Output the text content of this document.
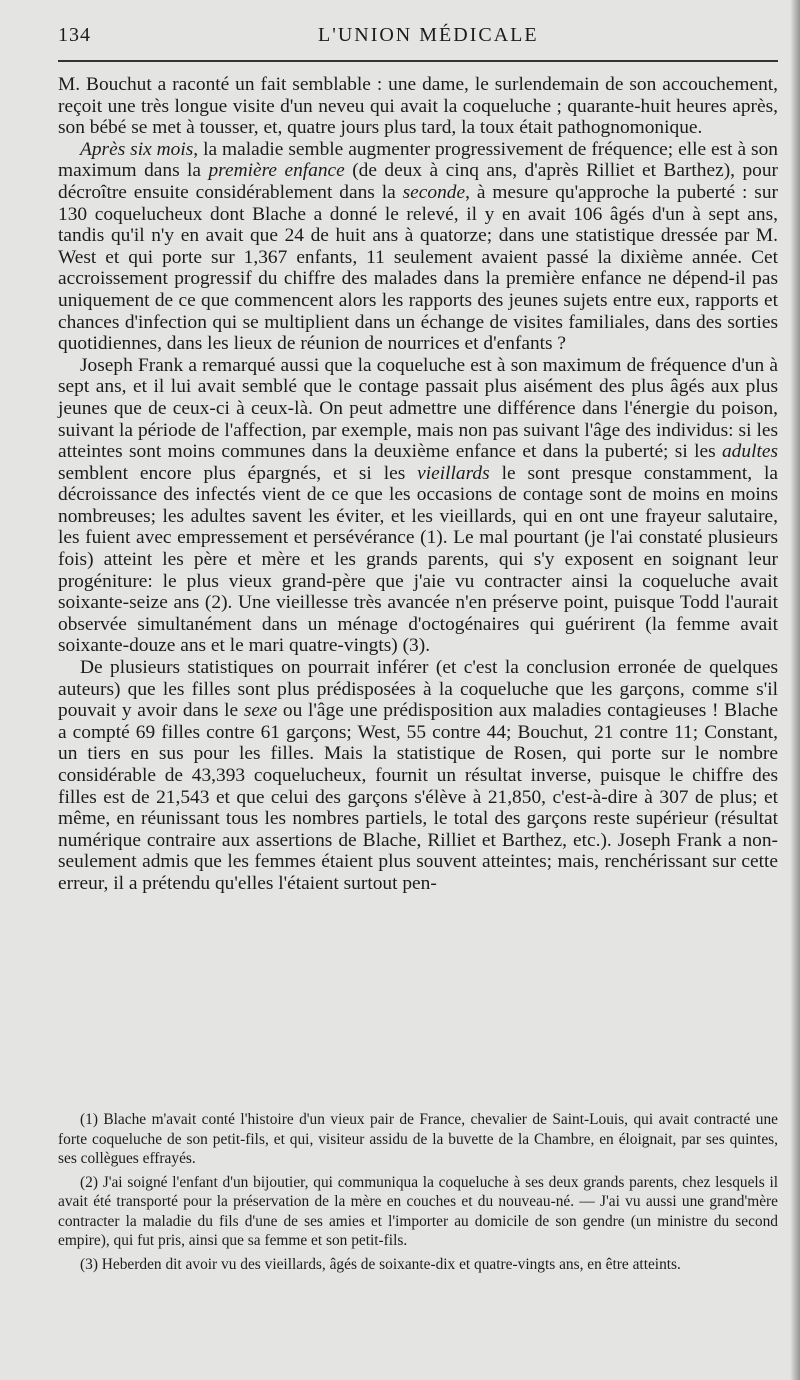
134	L'UNION MÉDICALE

M. Bouchut a raconté un fait semblable : une dame, le surlendemain de son accouchement, reçoit une très longue visite d'un neveu qui avait la coqueluche ; quarante-huit heures après, son bébé se met à tousser, et, quatre jours plus tard, la toux était pathognomonique.

Après six mois, la maladie semble augmenter progressivement de fréquence; elle est à son maximum dans la première enfance (de deux à cinq ans, d'après Rilliet et Barthez), pour décroître ensuite considérablement dans la seconde, à mesure qu'approche la puberté : sur 130 coquelucheux dont Blache a donné le relevé, il y en avait 106 âgés d'un à sept ans, tandis qu'il n'y en avait que 24 de huit ans à quatorze; dans une statistique dressée par M. West et qui porte sur 1,367 enfants, 11 seulement avaient passé la dixième année. Cet accroissement progressif du chiffre des malades dans la première enfance ne dépend-il pas uniquement de ce que commencent alors les rapports des jeunes sujets entre eux, rapports et chances d'infection qui se multiplient dans un échange de visites familiales, dans des sorties quotidiennes, dans les lieux de réunion de nourrices et d'enfants ?

Joseph Frank a remarqué aussi que la coqueluche est à son maximum de fréquence d'un à sept ans, et il lui avait semblé que le contage passait plus aisément des plus âgés aux plus jeunes que de ceux-ci à ceux-là. On peut admettre une différence dans l'énergie du poison, suivant la période de l'affection, par exemple, mais non pas suivant l'âge des individus: si les atteintes sont moins communes dans la deuxième enfance et dans la puberté; si les adultes semblent encore plus épargnés, et si les vieillards le sont presque constamment, la décroissance des infectés vient de ce que les occasions de contage sont de moins en moins nombreuses; les adultes savent les éviter, et les vieillards, qui en ont une frayeur salutaire, les fuient avec empressement et persévérance (1). Le mal pourtant (je l'ai constaté plusieurs fois) atteint les père et mère et les grands parents, qui s'y exposent en soignant leur progéniture: le plus vieux grand-père que j'aie vu contracter ainsi la coqueluche avait soixante-seize ans (2). Une vieillesse très avancée n'en préserve point, puisque Todd l'aurait observée simultanément dans un ménage d'octogénaires qui guérirent (la femme avait soixante-douze ans et le mari quatre-vingts) (3).

De plusieurs statistiques on pourrait inférer (et c'est la conclusion erronée de quelques auteurs) que les filles sont plus prédisposées à la coqueluche que les garçons, comme s'il pouvait y avoir dans le sexe ou l'âge une prédisposition aux maladies contagieuses ! Blache a compté 69 filles contre 61 garçons; West, 55 contre 44; Bouchut, 21 contre 11; Constant, un tiers en sus pour les filles. Mais la statistique de Rosen, qui porte sur le nombre considérable de 43,393 coquelucheux, fournit un résultat inverse, puisque le chiffre des filles est de 21,543 et que celui des garçons s'élève à 21,850, c'est-à-dire à 307 de plus; et même, en réunissant tous les nombres partiels, le total des garçons reste supérieur (résultat numérique contraire aux assertions de Blache, Rilliet et Barthez, etc.). Joseph Frank a non-seulement admis que les femmes étaient plus souvent atteintes; mais, renchérissant sur cette erreur, il a prétendu qu'elles l'étaient surtout pen-

(1) Blache m'avait conté l'histoire d'un vieux pair de France, chevalier de Saint-Louis, qui avait contracté une forte coqueluche de son petit-fils, et qui, visiteur assidu de la buvette de la Chambre, en éloignait, par ses quintes, ses collègues effrayés.

(2) J'ai soigné l'enfant d'un bijoutier, qui communiqua la coqueluche à ses deux grands parents, chez lesquels il avait été transporté pour la préservation de la mère en couches et du nouveau-né. — J'ai vu aussi une grand'mère contracter la maladie du fils d'une de ses amies et l'importer au domicile de son gendre (un ministre du second empire), qui fut pris, ainsi que sa femme et son petit-fils.

(3) Heberden dit avoir vu des vieillards, âgés de soixante-dix et quatre-vingts ans, en être atteints.
